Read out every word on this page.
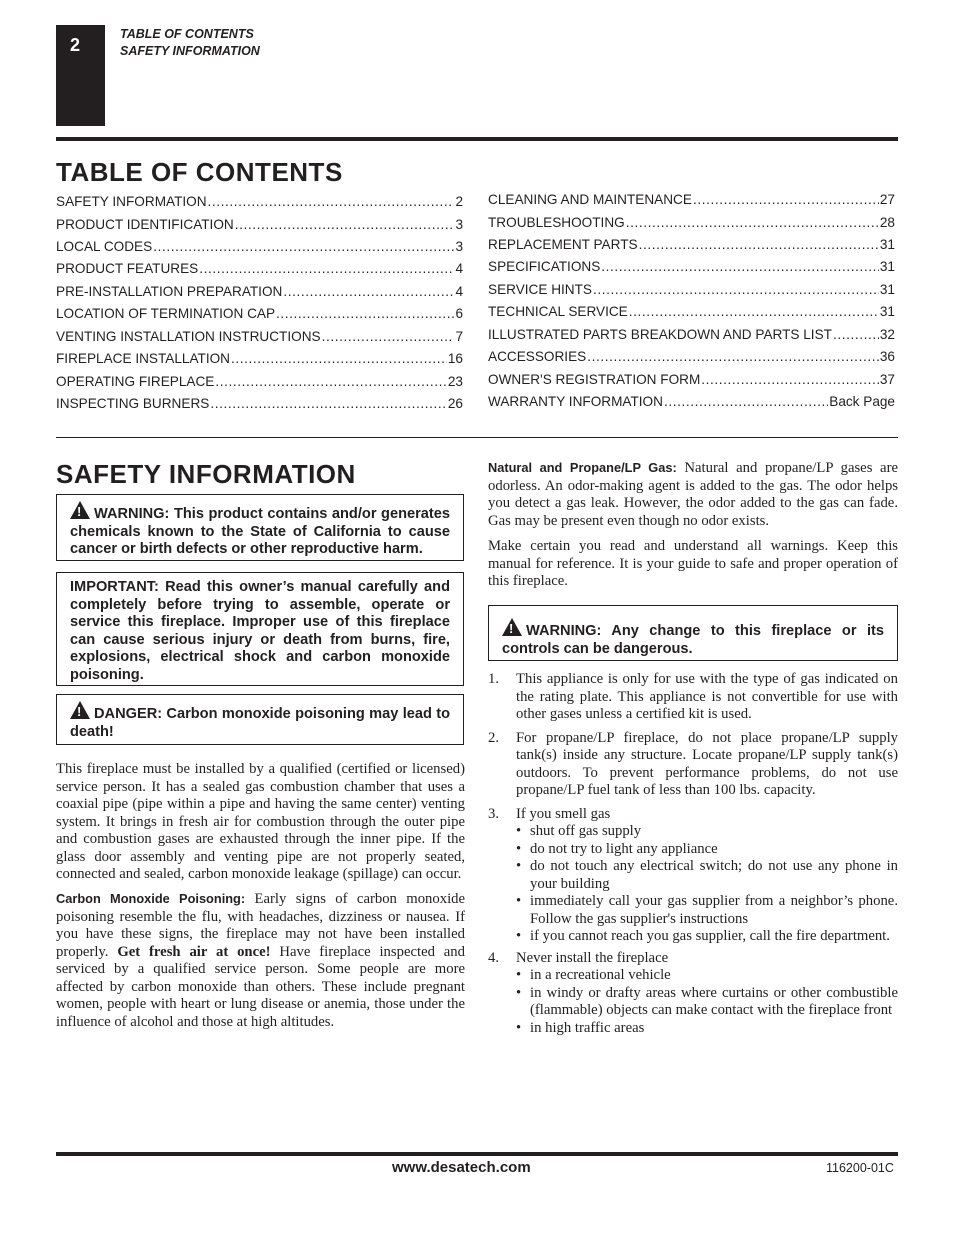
2
TABLE OF CONTENTS
SAFETY INFORMATION
TABLE OF CONTENTS
SAFETY INFORMATION .....	2
PRODUCT IDENTIFICATION .....	3
LOCAL CODES .....	3
PRODUCT FEATURES .....	4
PRE-INSTALLATION PREPARATION .....	4
LOCATION OF TERMINATION CAP .....	6
VENTING INSTALLATION INSTRUCTIONS .....	7
FIREPLACE INSTALLATION .....	16
OPERATING FIREPLACE .....	23
INSPECTING BURNERS .....	26
CLEANING AND MAINTENANCE .....	27
TROUBLESHOOTING .....	28
REPLACEMENT PARTS .....	31
SPECIFICATIONS .....	31
SERVICE HINTS .....	31
TECHNICAL SERVICE .....	31
ILLUSTRATED PARTS BREAKDOWN AND PARTS LIST .....	32
ACCESSORIES .....	36
OWNER'S REGISTRATION FORM .....	37
WARRANTY INFORMATION .....	Back Page
SAFETY INFORMATION
!WARNING: This product contains and/or generates chemicals known to the State of California to cause cancer or birth defects or other reproductive harm.
IMPORTANT: Read this owner’s manual carefully and completely before trying to assemble, operate or service this fireplace. Improper use of this fireplace can cause serious injury or death from burns, fire, explosions, electrical shock and carbon monoxide poisoning.
!DANGER: Carbon monoxide poisoning may lead to death!
This fireplace must be installed by a qualified (certified or licensed) service person. It has a sealed gas combustion chamber that uses a coaxial pipe (pipe within a pipe and having the same center) venting system. It brings in fresh air for combustion through the outer pipe and combustion gases are exhausted through the inner pipe. If the glass door assembly and venting pipe are not properly seated, connected and sealed, carbon monoxide leakage (spillage) can occur.
Carbon Monoxide Poisoning: Early signs of carbon monoxide poisoning resemble the flu, with headaches, dizziness or nausea. If you have these signs, the fireplace may not have been installed properly. Get fresh air at once! Have fireplace inspected and serviced by a qualified service person. Some people are more affected by carbon monoxide than others. These include pregnant women, people with heart or lung disease or anemia, those under the influence of alcohol and those at high altitudes.
Natural and Propane/LP Gas: Natural and propane/LP gases are odorless. An odor-making agent is added to the gas. The odor helps you detect a gas leak. However, the odor added to the gas can fade. Gas may be present even though no odor exists.
Make certain you read and understand all warnings. Keep this manual for reference. It is your guide to safe and proper operation of this fireplace.
!WARNING: Any change to this fireplace or its controls can be dangerous.
1. This appliance is only for use with the type of gas indicated on the rating plate. This appliance is not convertible for use with other gases unless a certified kit is used.
2. For propane/LP fireplace, do not place propane/LP supply tank(s) inside any structure. Locate propane/LP supply tank(s) outdoors. To prevent performance problems, do not use propane/LP fuel tank of less than 100 lbs. capacity.
3. If you smell gas
• shut off gas supply
• do not try to light any appliance
• do not touch any electrical switch; do not use any phone in your building
• immediately call your gas supplier from a neighbor’s phone. Follow the gas supplier's instructions
• if you cannot reach you gas supplier, call the fire department.
4. Never install the fireplace
• in a recreational vehicle
• in windy or drafty areas where curtains or other combustible (flammable) objects can make contact with the fireplace front
• in high traffic areas
www.desatech.com	116200-01C
